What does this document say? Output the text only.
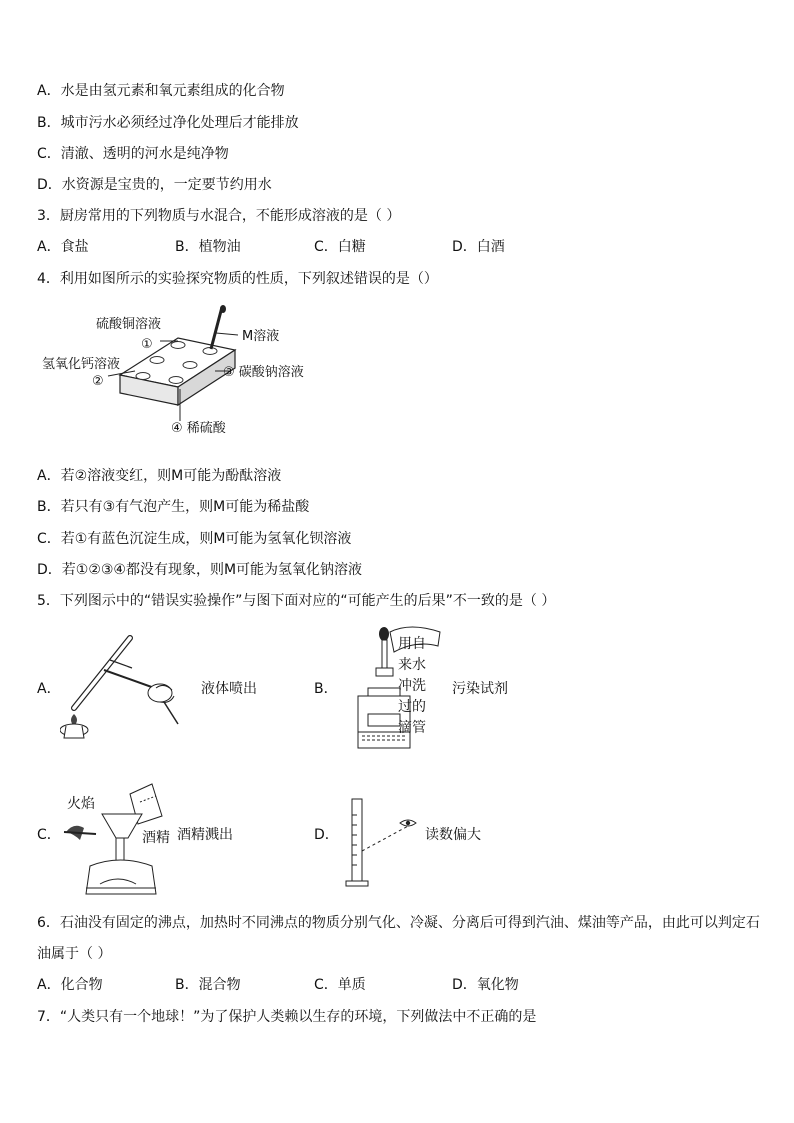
A．水是由氢元素和氧元素组成的化合物
B．城市污水必须经过净化处理后才能排放
C．清澈、透明的河水是纯净物
D．水资源是宝贵的，一定要节约用水
3．厨房常用的下列物质与水混合，不能形成溶液的是（ ）
A．食盐	B．植物油	C．白糖	D．白酒
4．利用如图所示的实验探究物质的性质，下列叙述错误的是（）
硫酸铜溶液
①
M溶液
氢氧化钙溶液
②
③ 碳酸钠溶液
④ 稀硫酸
A．若②溶液变红，则M可能为酚酞溶液
B．若只有③有气泡产生，则M可能为稀盐酸
C．若①有蓝色沉淀生成，则M可能为氢氧化钡溶液
D．若①②③④都没有现象，则M可能为氢氧化钠溶液
5．下列图示中的“错误实验操作”与图下面对应的“可能产生的后果”不一致的是（ ）
A．	液体喷出	B．
用自
来水
冲洗
过的
滴管
污染试剂
C．
火焰
酒精 酒精溅出	D．	读数偏大
6．石油没有固定的沸点，加热时不同沸点的物质分别气化、冷凝、分离后可得到汽油、煤油等产品，由此可以判定石
油属于（ ）
A．化合物	B．混合物	C．单质	D．氧化物
7．“人类只有一个地球！”为了保护人类赖以生存的环境，下列做法中不正确的是
